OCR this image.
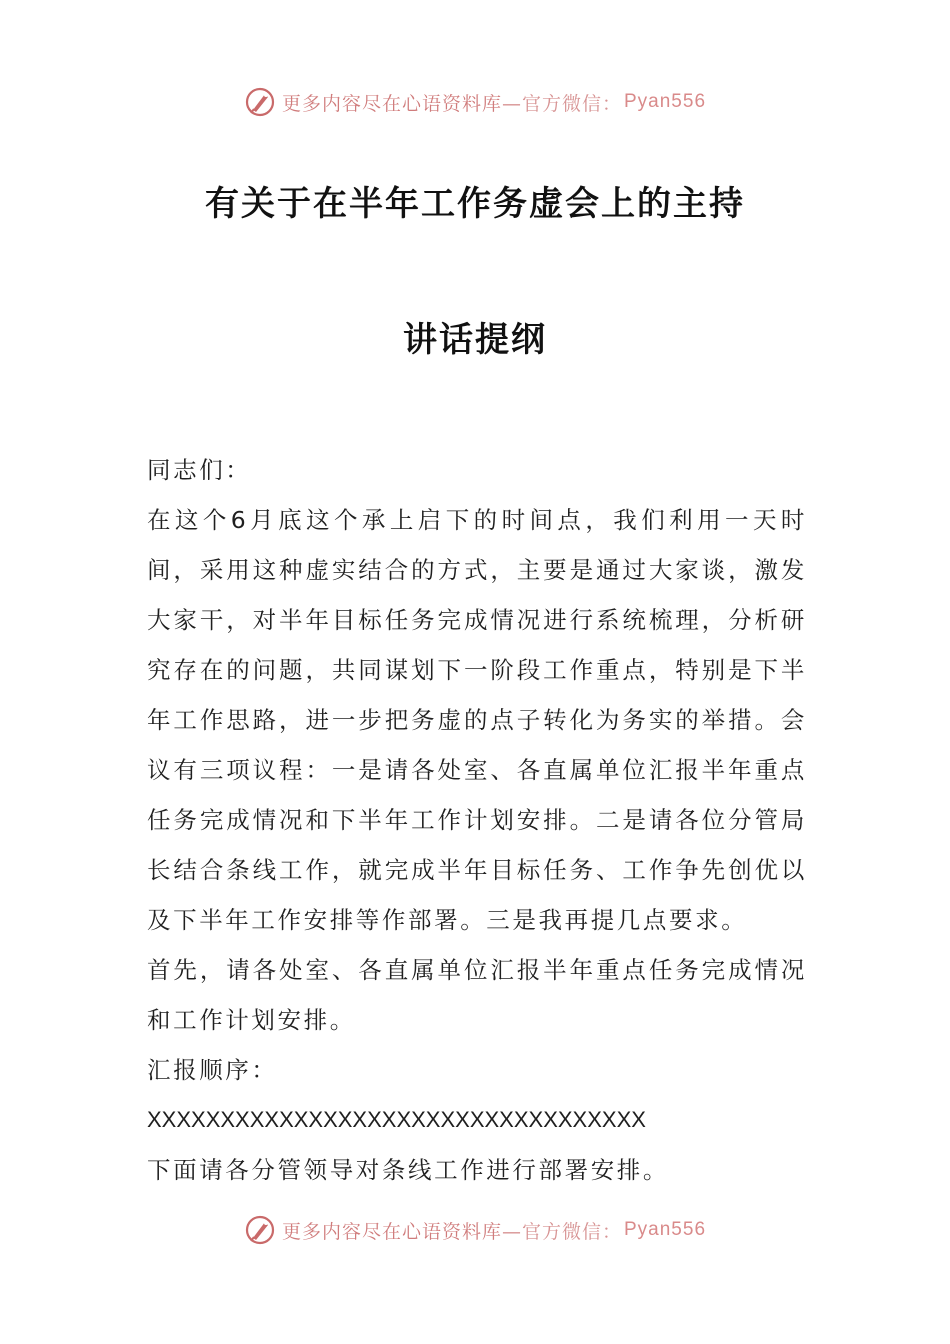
更多内容尽在心语资料库 —官方微信： Pyan556
有关于在半年工作务虚会上的主持
讲话提纲

同志们：

在这个6月底这个承上启下的时间点，我们利用一天时间，采用这种虚实结合的方式，主要是通过大家谈，激发大家干，对半年目标任务完成情况进行系统梳理，分析研究存在的问题，共同谋划下一阶段工作重点，特别是下半年工作思路，进一步把务虚的点子转化为务实的举措。会议有三项议程：一是请各处室、各直属单位汇报半年重点任务完成情况和下半年工作计划安排。二是请各位分管局长结合条线工作，就完成半年目标任务、工作争先创优以及下半年工作安排等作部署。三是我再提几点要求。

首先，请各处室、各直属单位汇报半年重点任务完成情况和工作计划安排。

汇报顺序：

XXXXXXXXXXXXXXXXXXXXXXXXXXXXXXXXXX

下面请各分管领导对条线工作进行部署安排。

更多内容尽在心语资料库 —官方微信： Pyan556
